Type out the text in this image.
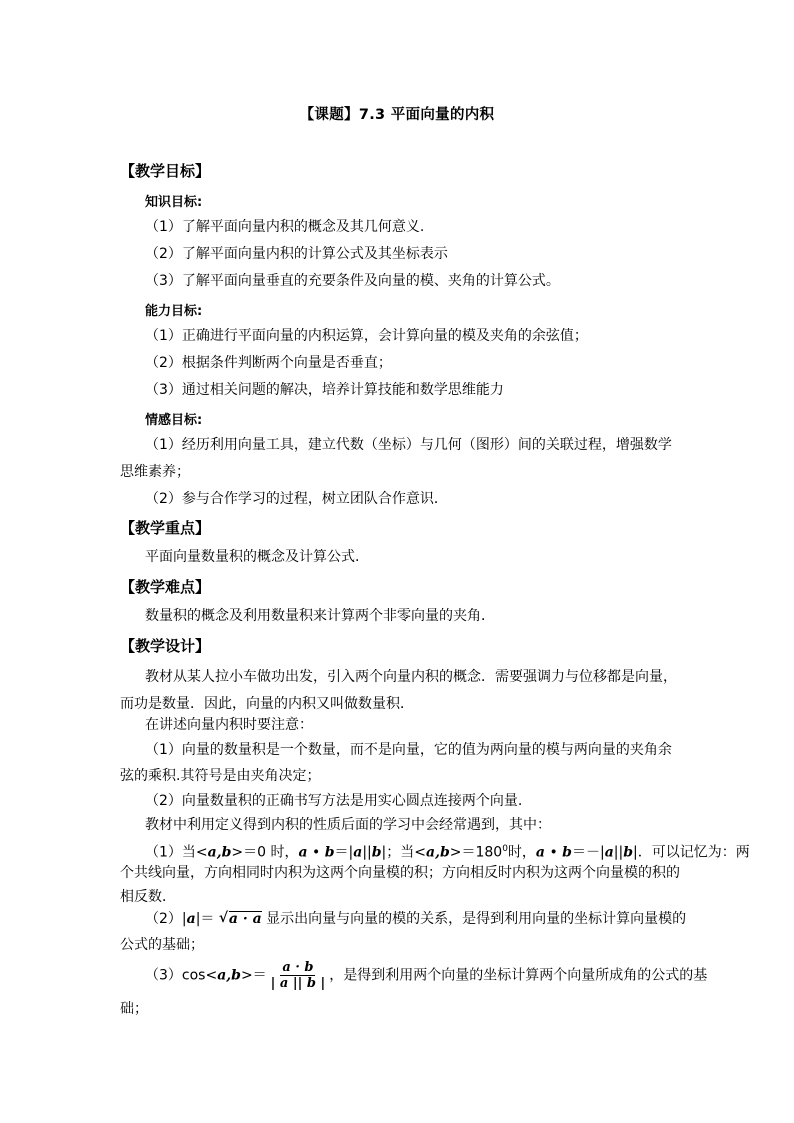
【课题】7.3 平面向量的内积
【教学目标】
知识目标:
（1）了解平面向量内积的概念及其几何意义.
（2）了解平面向量内积的计算公式及其坐标表示
（3）了解平面向量垂直的充要条件及向量的模、夹角的计算公式。
能力目标:
（1）正确进行平面向量的内积运算，会计算向量的模及夹角的余弦值；
（2）根据条件判断两个向量是否垂直；
（3）通过相关问题的解决，培养计算技能和数学思维能力
情感目标:
（1）经历利用向量工具，建立代数（坐标）与几何（图形）间的关联过程，增强数学
思维素养；
（2）参与合作学习的过程，树立团队合作意识．
【教学重点】
平面向量数量积的概念及计算公式.
【教学难点】
数量积的概念及利用数量积来计算两个非零向量的夹角．
【教学设计】
教材从某人拉小车做功出发，引入两个向量内积的概念．需要强调力与位移都是向量，
而功是数量．因此，向量的内积又叫做数量积．
在讲述向量内积时要注意：
（1）向量的数量积是一个数量，而不是向量，它的值为两向量的模与两向量的夹角余
弦的乘积.其符号是由夹角决定；
（2）向量数量积的正确书写方法是用实心圆点连接两个向量.
教材中利用定义得到内积的性质后面的学习中会经常遇到，其中：
（1）当<a,b>＝0 时，a • b＝|a||b|；当$<a,b>=180^0$时，a • b＝－|a||b|．可以记忆为：两
个共线向量，方向相同时内积为这两个向量模的积；方向相反时内积为这两个向量模的积的
相反数．
（2）|a|＝ √ a · a 显示出向量与向量的模的关系，是得到利用向量的坐标计算向量模的
公式的基础；
$(3)\cos<a,b>= \frac{a \cdot b}{| a || b |}$ ，是得到利用两个向量的坐标计算两个向量所成角的公式的基
础；
